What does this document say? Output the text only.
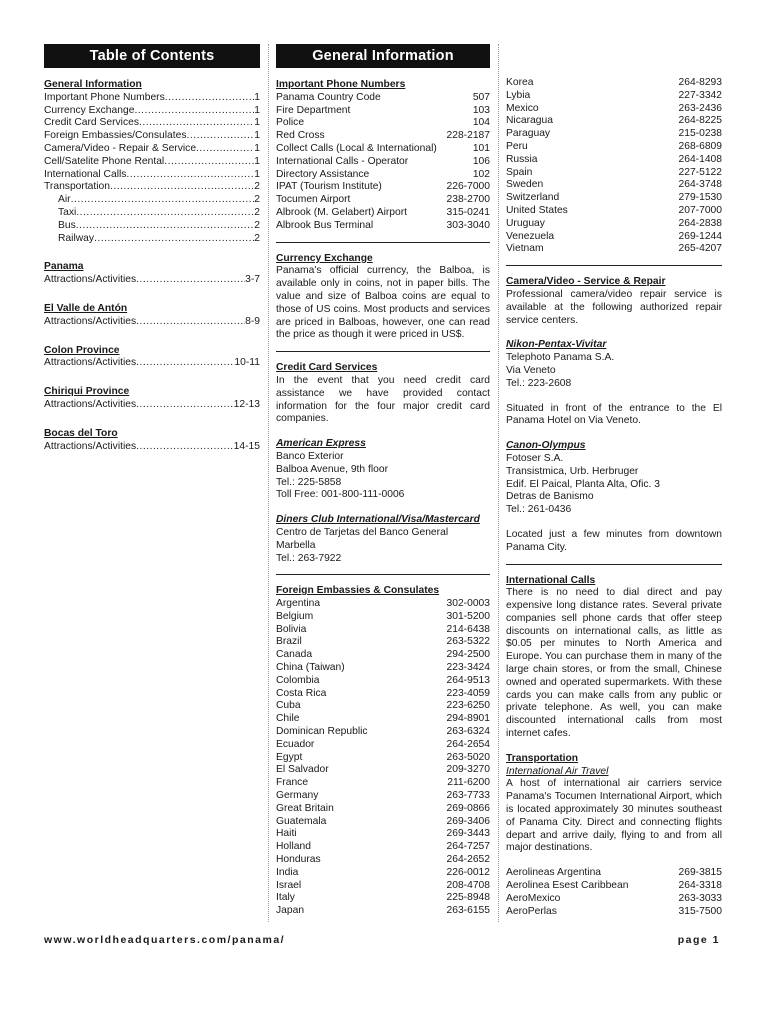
Table of Contents
General Information
Important Phone Numbers .....	1
Currency Exchange .....	1
Credit Card Services .....	1
Foreign Embassies/Consulates .....	1
Camera/Video - Repair & Service .....	1
Cell/Satelite Phone Rental .....	1
International Calls .....	1
Transportation .....	2
Air .....	2
Taxi .....	2
Bus .....	2
Railway .....	2
Panama
Attractions/Activities .....	3-7
El Valle de Antón
Attractions/Activities .....	8-9
Colon Province
Attractions/Activities .....	10-11
Chiriqui Province
Attractions/Activities .....	12-13
Bocas del Toro
Attractions/Activities .....	14-15
General Information
Important Phone Numbers
Panama Country Code	507
Fire Department	103
Police	104
Red Cross	228-2187
Collect Calls (Local & International)	101
International Calls - Operator	106
Directory Assistance	102
IPAT (Tourism Institute)	226-7000
Tocumen Airport	238-2700
Albrook (M. Gelabert) Airport	315-0241
Albrook Bus Terminal	303-3040
Currency Exchange

Panama's official currency, the Balboa, is available only in coins, not in paper bills. The value and size of Balboa coins are equal to those of US coins. Most products and services are priced in Balboas, however, one can read the price as though it were priced in US$.

Credit Card Services

In the event that you need credit card assistance we have provided contact information for the four major credit card companies.

American Express
Banco Exterior
Balboa Avenue, 9th floor
Tel.: 225-5858
Toll Free: 001-800-111-0006
Diners Club International/Visa/Mastercard
Centro de Tarjetas del Banco General
Marbella
Tel.: 263-7922
Foreign Embassies & Consulates
Argentina	302-0003
Belgium	301-5200
Bolivia	214-6438
Brazil	263-5322
Canada	294-2500
China (Taiwan)	223-3424
Colombia	264-9513
Costa Rica	223-4059
Cuba	223-6250
Chile	294-8901
Dominican Republic	263-6324
Ecuador	264-2654
Egypt	263-5020
El Salvador	209-3270
France	211-6200
Germany	263-7733
Great Britain	269-0866
Guatemala	269-3406
Haiti	269-3443
Holland	264-7257
Honduras	264-2652
India	226-0012
Israel	208-4708
Italy	225-8948
Japan	263-6155
Korea	264-8293
Lybia	227-3342
Mexico	263-2436
Nicaragua	264-8225
Paraguay	215-0238
Peru	268-6809
Russia	264-1408
Spain	227-5122
Sweden	264-3748
Switzerland	279-1530
United States	207-7000
Uruguay	264-2838
Venezuela	269-1244
Vietnam	265-4207
Camera/Video - Service & Repair

Professional camera/video repair service is available at the following authorized repair service centers.

Nikon-Pentax-Vivitar
Telephoto Panama S.A.
Via Veneto
Tel.: 223-2608

Situated in front of the entrance to the El Panama Hotel on Via Veneto.

Canon-Olympus
Fotoser S.A.
Transistmica, Urb. Herbruger
Edif. El Paical, Planta Alta, Ofic. 3
Detras de Banismo
Tel.: 261-0436

Located just a few minutes from downtown Panama City.

International Calls

There is no need to dial direct and pay expensive long distance rates. Several private companies sell phone cards that offer steep discounts on international calls, as little as $0.05 per minutes to North America and Europe. You can purchase them in many of the large chain stores, or from the small, Chinese owned and operated supermarkets. With these cards you can make calls from any public or private telephone. As well, you can make discounted international calls from most internet cafes.

Transportation
International Air Travel

A host of international air carriers service Panama's Tocumen International Airport, which is located approximately 30 minutes southeast of Panama City. Direct and connecting flights depart and arrive daily, flying to and from all major destinations.

Aerolineas Argentina	269-3815
Aerolinea Esest Caribbean	264-3318
AeroMexico	263-3033
AeroPerlas	315-7500
www.worldheadquarters.com/panama/	page 1
